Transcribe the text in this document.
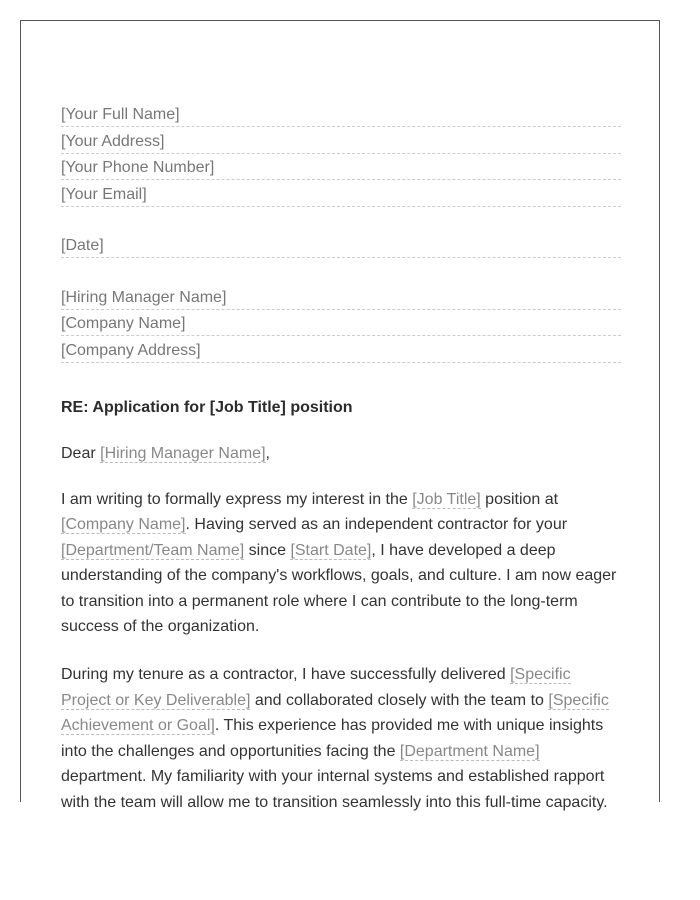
[Your Full Name]
[Your Address]
[Your Phone Number]
[Your Email]
[Date]
[Hiring Manager Name]
[Company Name]
[Company Address]
RE: Application for [Job Title] position
Dear [Hiring Manager Name],

I am writing to formally express my interest in the [Job Title] position at [Company Name]. Having served as an independent contractor for your [Department/Team Name] since [Start Date], I have developed a deep understanding of the company's workflows, goals, and culture. I am now eager to transition into a permanent role where I can contribute to the long-term success of the organization.

During my tenure as a contractor, I have successfully delivered [Specific Project or Key Deliverable] and collaborated closely with the team to [Specific Achievement or Goal]. This experience has provided me with unique insights into the challenges and opportunities facing the [Department Name] department. My familiarity with your internal systems and established rapport with the team will allow me to transition seamlessly into this full-time capacity.
